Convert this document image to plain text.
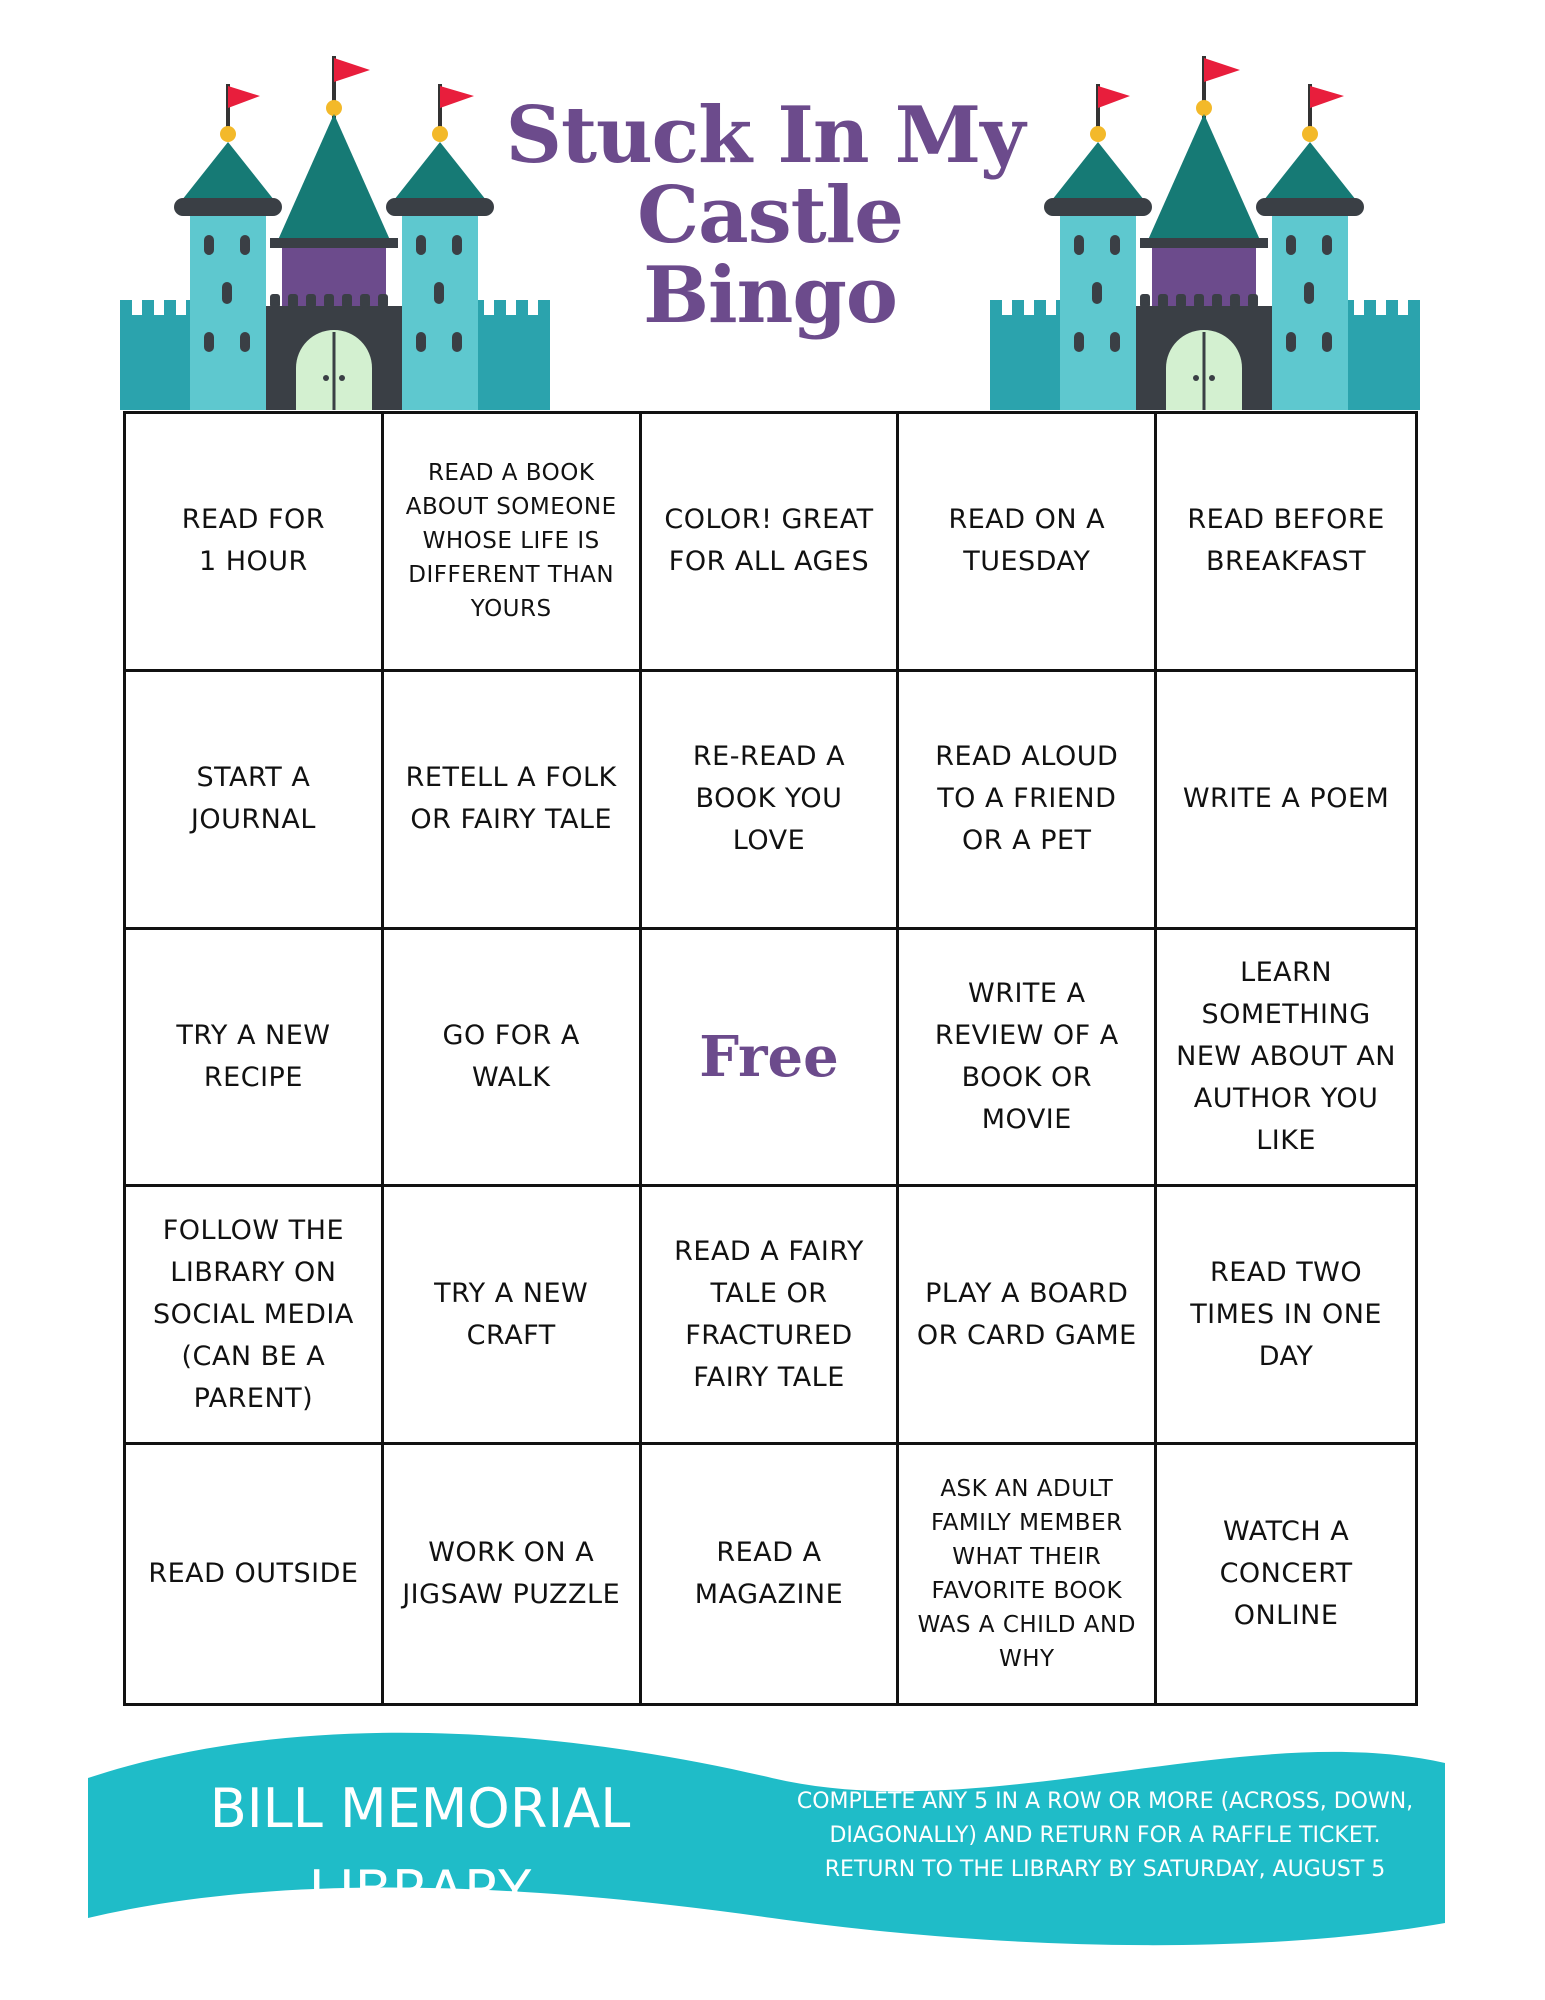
Stuck In My
Castle
Bingo
READ FOR
1 HOUR
READ A BOOK ABOUT SOMEONE WHOSE LIFE IS DIFFERENT THAN YOURS
COLOR! GREAT FOR ALL AGES
READ ON A TUESDAY
READ BEFORE BREAKFAST
START A JOURNAL
RETELL A FOLK OR FAIRY TALE
RE-READ A BOOK YOU LOVE
READ ALOUD TO A FRIEND OR A PET
WRITE A POEM
TRY A NEW RECIPE
GO FOR A WALK	Free
WRITE A REVIEW OF A BOOK OR MOVIE
LEARN SOMETHING NEW ABOUT AN AUTHOR YOU LIKE
FOLLOW THE LIBRARY ON SOCIAL MEDIA (CAN BE A PARENT)
TRY A NEW CRAFT
READ A FAIRY TALE OR FRACTURED FAIRY TALE
PLAY A BOARD OR CARD GAME
READ TWO TIMES IN ONE DAY
READ OUTSIDE
WORK ON A JIGSAW PUZZLE
READ A MAGAZINE
ASK AN ADULT FAMILY MEMBER WHAT THEIR FAVORITE BOOK WAS A CHILD AND WHY
WATCH A CONCERT ONLINE
BILL MEMORIAL
LIBRARY
COMPLETE ANY 5 IN A ROW OR MORE (ACROSS, DOWN,
DIAGONALLY) AND RETURN FOR A RAFFLE TICKET.
RETURN TO THE LIBRARY BY SATURDAY, AUGUST 5
